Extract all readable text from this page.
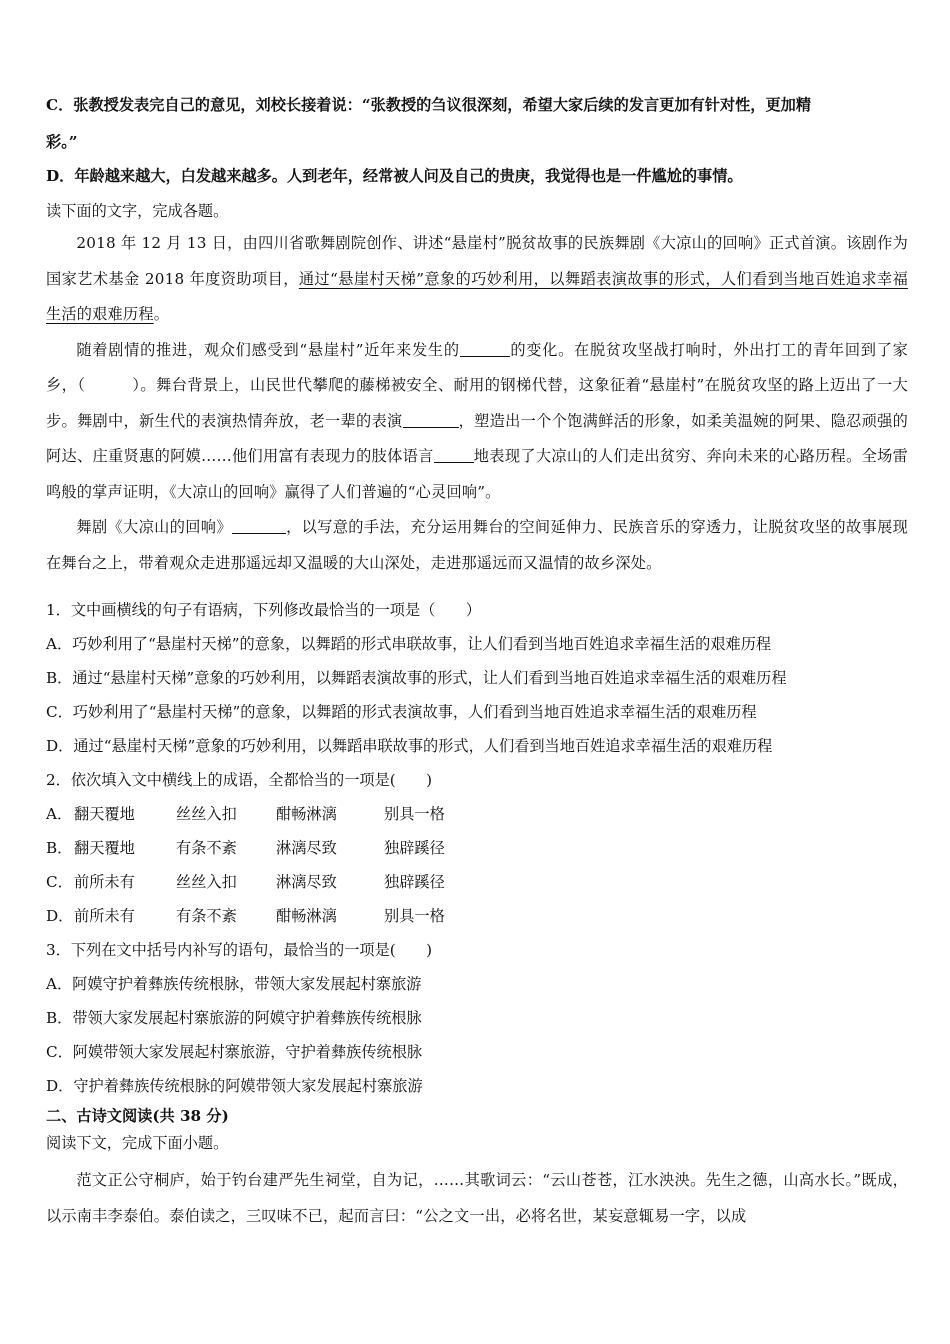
C．张教授发表完自己的意见，刘校长接着说：“张教授的刍议很深刻，希望大家后续的发言更加有针对性，更加精
彩。”
D．年龄越来越大，白发越来越多。人到老年，经常被人问及自己的贵庚，我觉得也是一件尴尬的事情。
读下面的文字，完成各题。
2018 年 12 月 13 日，由四川省歌舞剧院创作、讲述“悬崖村”脱贫故事的民族舞剧《大凉山的回响》正式首演。该剧作为国家艺术基金 2018 年度资助项目，通过“悬崖村天梯”意象的巧妙利用，以舞蹈表演故事的形式，人们看到当地百姓追求幸福生活的艰难历程。
随着剧情的推进，观众们感受到“悬崖村”近年来发生的	的变化。在脱贫攻坚战打响时，外出打工的青年回到了家乡，（　　　）。舞台背景上，山民世代攀爬的藤梯被安全、耐用的钢梯代替，这象征着“悬崖村”在脱贫攻坚的路上迈出了一大步。舞剧中，新生代的表演热情奔放，老一辈的表演	，塑造出一个个饱满鲜活的形象，如柔美温婉的阿果、隐忍顽强的阿达、庄重贤惠的阿嫫……他们用富有表现力的肢体语言	地表现了大凉山的人们走出贫穷、奔向未来的心路历程。全场雷鸣般的掌声证明，《大凉山的回响》赢得了人们普遍的“心灵回响”。
舞剧《大凉山的回响》	，以写意的手法，充分运用舞台的空间延伸力、民族音乐的穿透力，让脱贫攻坚的故事展现在舞台之上，带着观众走进那遥远却又温暖的大山深处，走进那遥远而又温情的故乡深处。
1．文中画横线的句子有语病，下列修改最恰当的一项是（　　）
A．巧妙利用了“悬崖村天梯”的意象，以舞蹈的形式串联故事，让人们看到当地百姓追求幸福生活的艰难历程
B．通过“悬崖村天梯”意象的巧妙利用，以舞蹈表演故事的形式，让人们看到当地百姓追求幸福生活的艰难历程
C．巧妙利用了“悬崖村天梯”的意象，以舞蹈的形式表演故事，人们看到当地百姓追求幸福生活的艰难历程
D．通过“悬崖村天梯”意象的巧妙利用，以舞蹈串联故事的形式，人们看到当地百姓追求幸福生活的艰难历程
2．依次填入文中横线上的成语，全都恰当的一项是(　　)
A． 翻天覆地	丝丝入扣	酣畅淋漓	别具一格
B． 翻天覆地	有条不紊	淋漓尽致	独辟蹊径
C． 前所未有	丝丝入扣	淋漓尽致	独辟蹊径
D． 前所未有	有条不紊	酣畅淋漓	别具一格
3．下列在文中括号内补写的语句，最恰当的一项是(　　)
A．阿嫫守护着彝族传统根脉，带领大家发展起村寨旅游
B．带领大家发展起村寨旅游的阿嫫守护着彝族传统根脉
C．阿嫫带领大家发展起村寨旅游，守护着彝族传统根脉
D．守护着彝族传统根脉的阿嫫带领大家发展起村寨旅游
二、古诗文阅读(共 38 分)
阅读下文，完成下面小题。
范文正公守桐庐，始于钓台建严先生祠堂，自为记，……其歌词云：“云山苍苍，江水泱泱。先生之德，山高水长。”既成，以示南丰李泰伯。泰伯读之，三叹味不已，起而言曰：“公之文一出，必将名世，某妄意辄易一字，以成
